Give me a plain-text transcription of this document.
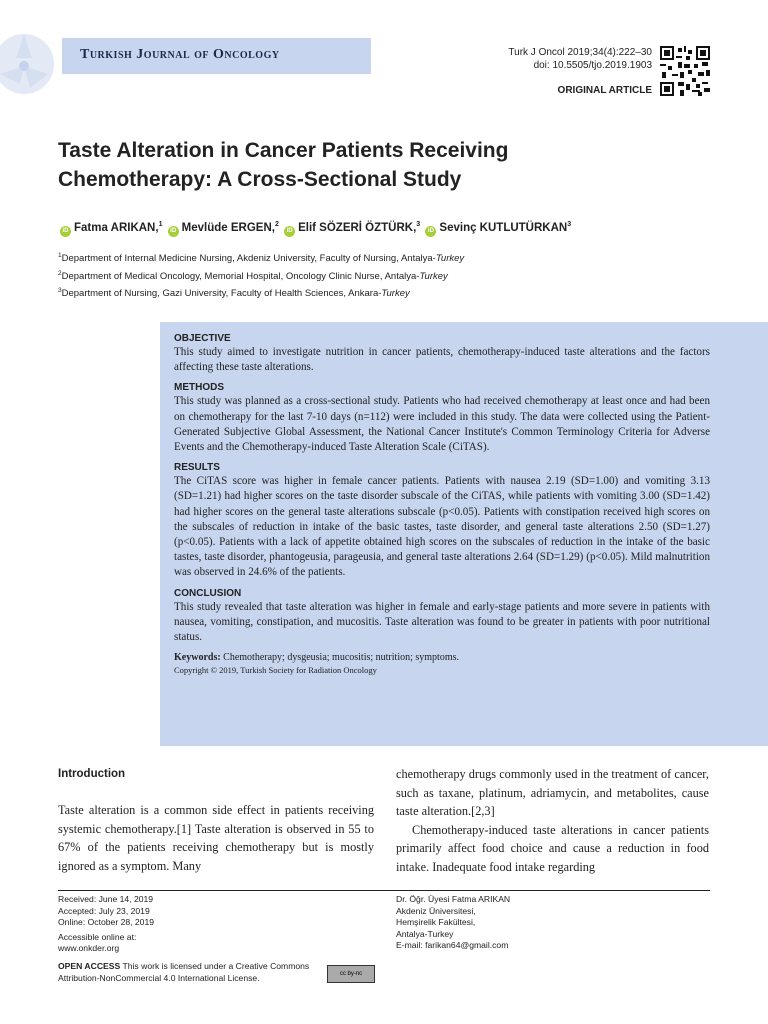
Turkish Journal of Oncology	Turk J Oncol 2019;34(4):222–30
doi: 10.5505/tjo.2019.1903
ORIGINAL ARTICLE
Taste Alteration in Cancer Patients Receiving
Chemotherapy: A Cross-Sectional Study
iD Fatma ARIKAN,$^1$ iD Mevlüde ERGEN,$^2$ iD Elif SÖZERİ ÖZTÜRK,$^3$ iD Sevinç KUTLUTÜRKAN$^3$
$^1$Department of Internal Medicine Nursing, Akdeniz University, Faculty of Nursing, Antalya-Turkey
$^2$Department of Medical Oncology, Memorial Hospital, Oncology Clinic Nurse, Antalya-Turkey
$^3$Department of Nursing, Gazi University, Faculty of Health Sciences, Ankara-Turkey
OBJECTIVE

This study aimed to investigate nutrition in cancer patients, chemotherapy-induced taste alterations and the factors affecting these taste alterations.

METHODS

This study was planned as a cross-sectional study. Patients who had received chemotherapy at least once and had been on chemotherapy for the last 7-10 days (n=112) were included in this study. The data were collected using the Patient-Generated Subjective Global Assessment, the National Cancer Institute's Common Terminology Criteria for Adverse Events and the Chemotherapy-induced Taste Alteration Scale (CiTAS).

RESULTS

The CiTAS score was higher in female cancer patients. Patients with nausea 2.19 (SD=1.00) and vomiting 3.13 (SD=1.21) had higher scores on the taste disorder subscale of the CiTAS, while patients with vomiting 3.00 (SD=1.42) had higher scores on the general taste alterations subscale (p<0.05). Patients with constipation received high scores on the subscales of reduction in intake of the basic tastes, taste disorder, and general taste alterations 2.50 (SD=1.27) (p<0.05). Patients with a lack of appetite obtained high scores on the subscales of reduction in the intake of the basic tastes, taste disorder, phantogeusia, parageusia, and general taste alterations 2.64 (SD=1.29) (p<0.05). Mild malnutrition was observed in 24.6% of the patients.

CONCLUSION

This study revealed that taste alteration was higher in female and early-stage patients and more severe in patients with nausea, vomiting, constipation, and mucositis. Taste alteration was found to be greater in patients with poor nutritional status.

Keywords: Chemotherapy; dysgeusia; mucositis; nutrition; symptoms.
Copyright © 2019, Turkish Society for Radiation Oncology
Introduction

Taste alteration is a common side effect in patients receiving systemic chemotherapy.[1] Taste alteration is observed in 55 to 67% of the patients receiving chemotherapy but is mostly ignored as a symptom. Many

chemotherapy drugs commonly used in the treatment of cancer, such as taxane, platinum, adriamycin, and metabolites, cause taste alteration.[2,3]

Chemotherapy-induced taste alterations in cancer patients primarily affect food choice and cause a reduction in food intake. Inadequate food intake regarding

Received: June 14, 2019
Accepted: July 23, 2019
Online: October 28, 2019
Accessible online at:
www.onkder.org
OPEN ACCESS This work is licensed under a Creative Commons Attribution-NonCommercial 4.0 International License.	cc by-nc
Dr. Öğr. Üyesi Fatma ARIKAN
Akdeniz Üniversitesi,
Hemşirelik Fakültesi,
Antalya-Turkey
E-mail: farikan64@gmail.com
